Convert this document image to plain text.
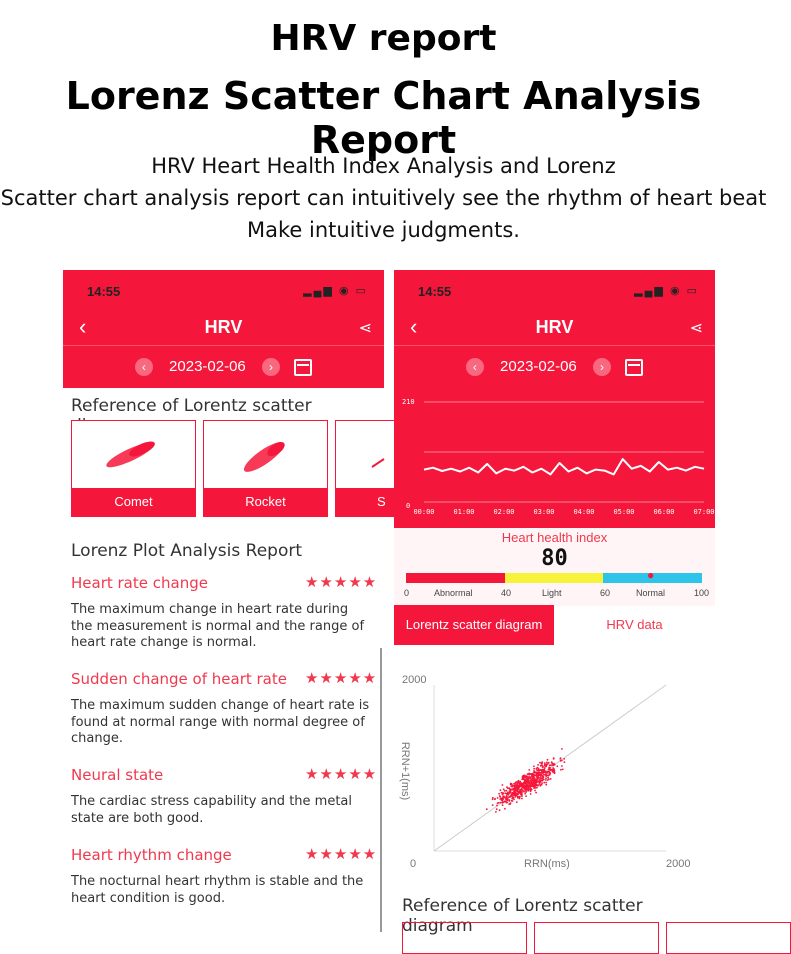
HRV report
Lorenz Scatter Chart Analysis Report
HRV Heart Health Index Analysis and Lorenz
Scatter chart analysis report can intuitively see the rhythm of heart beat
Make intuitive judgments.
14:55	▂▄▆ ◉ ▭
‹	HRV	⋖
‹ 2023-02-06 ›
Reference of Lorentz scatter
Comet	Rocket	S
Lorenz Plot Analysis Report
Heart rate change	★★★★★
The maximum change in heart rate during the measurement is normal and the range of heart rate change is normal.
Sudden change of heart rate ★★★★★
The maximum sudden change of heart rate is found at normal range with normal degree of change.
Neural state	★★★★★
The cardiac stress capability and the metal state are both good.
Heart rhythm change	★★★★★
The nocturnal heart rhythm is stable and the heart condition is good.
14:55	▂▄▆ ◉ ▭
‹	HRV	⋖
‹ 2023-02-06 ›
210
0
00:00	01:00	02:00	03:00	04:00	05:00	06:00	07:00
Heart health index
80
●
0	Abnormal	40	Light	60	Normal	100
Lorentz scatter diagram	HRV data
2000
0	2000
RRN(ms)
RRN+1(ms)
Reference of Lorentz scatter diagram
